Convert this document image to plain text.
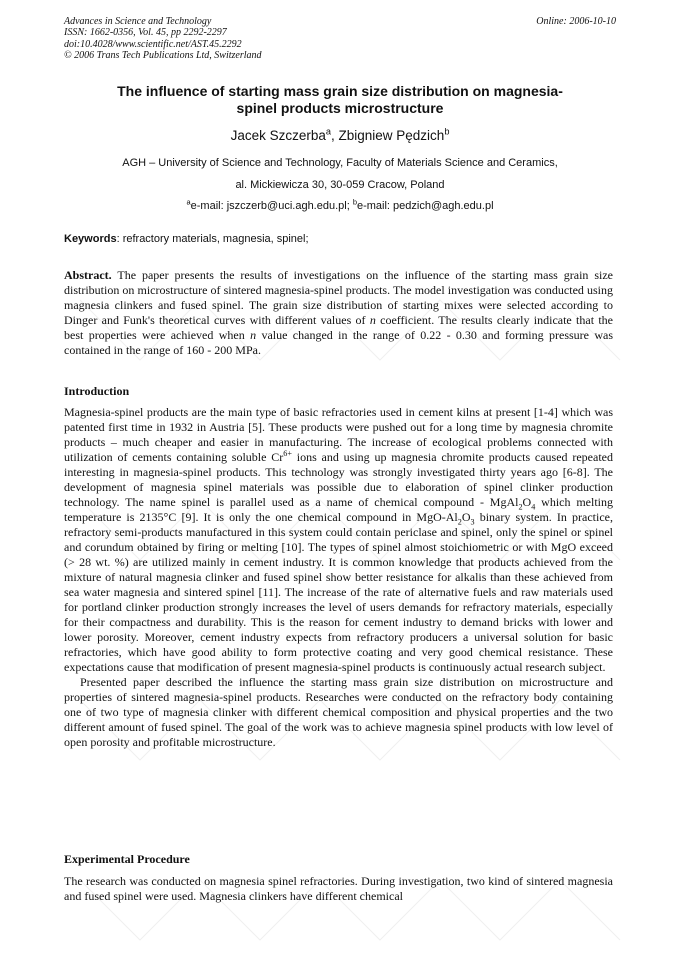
Advances in Science and Technology
ISSN: 1662-0356, Vol. 45, pp 2292-2297
doi:10.4028/www.scientific.net/AST.45.2292
© 2006 Trans Tech Publications Ltd, Switzerland
Online: 2006-10-10
The influence of starting mass grain size distribution on magnesia-
spinel products microstructure
Jacek Szczerba$^a$, Zbigniew Pędzich$^b$
AGH – University of Science and Technology, Faculty of Materials Science and Ceramics,
al. Mickiewicza 30, 30-059 Cracow, Poland
$^a$e-mail: jszczerb@uci.agh.edu.pl; $^b$e-mail: pedzich@agh.edu.pl
Keywords: refractory materials, magnesia, spinel;

Abstract. The paper presents the results of investigations on the influence of the starting mass grain size distribution on microstructure of sintered magnesia-spinel products. The model investigation was conducted using magnesia clinkers and fused spinel. The grain size distribution of starting mixes were selected according to Dinger and Funk's theoretical curves with different values of n coefficient. The results clearly indicate that the best properties were achieved when n value changed in the range of 0.22 - 0.30 and forming pressure was contained in the range of 160 - 200 MPa.

Introduction

Magnesia-spinel products are the main type of basic refractories used in cement kilns at present [1-4] which was patented first time in 1932 in Austria [5]. These products were pushed out for a long time by magnesia chromite products – much cheaper and easier in manufacturing. The increase of ecological problems connected with utilization of cements containing soluble $Cr^{6+}$ ions and using up magnesia chromite products caused repeated interesting in magnesia-spinel products. This technology was strongly investigated thirty years ago [6-8]. The development of magnesia spinel materials was possible due to elaboration of spinel clinker production technology. The name spinel is parallel used as a name of chemical compound - $MgAl_2O_4$ which melting temperature is 2135°C [9]. It is only the one chemical compound in MgO-$Al_2O_3$ binary system. In practice, refractory semi-products manufactured in this system could contain periclase and spinel, only the spinel or spinel and corundum obtained by firing or melting [10]. The types of spinel almost stoichiometric or with MgO exceed (> 28 wt. %) are utilized mainly in cement industry. It is common knowledge that products achieved from the mixture of natural magnesia clinker and fused spinel show better resistance for alkalis than these achieved from sea water magnesia and sintered spinel [11]. The increase of the rate of alternative fuels and raw materials used for portland clinker production strongly increases the level of users demands for refractory materials, especially for their compactness and durability. This is the reason for cement industry to demand bricks with lower and lower porosity. Moreover, cement industry expects from refractory producers a universal solution for basic refractories, which have good ability to form protective coating and very good chemical resistance. These expectations cause that modification of present magnesia-spinel products is continuously actual research subject.

Presented paper described the influence the starting mass grain size distribution on microstructure and properties of sintered magnesia-spinel products. Researches were conducted on the refractory body containing one of two type of magnesia clinker with different chemical composition and physical properties and the two different amount of fused spinel. The goal of the work was to achieve magnesia spinel products with low level of open porosity and profitable microstructure.

Experimental Procedure

The research was conducted on magnesia spinel refractories. During investigation, two kind of sintered magnesia and fused spinel were used. Magnesia clinkers have different chemical
